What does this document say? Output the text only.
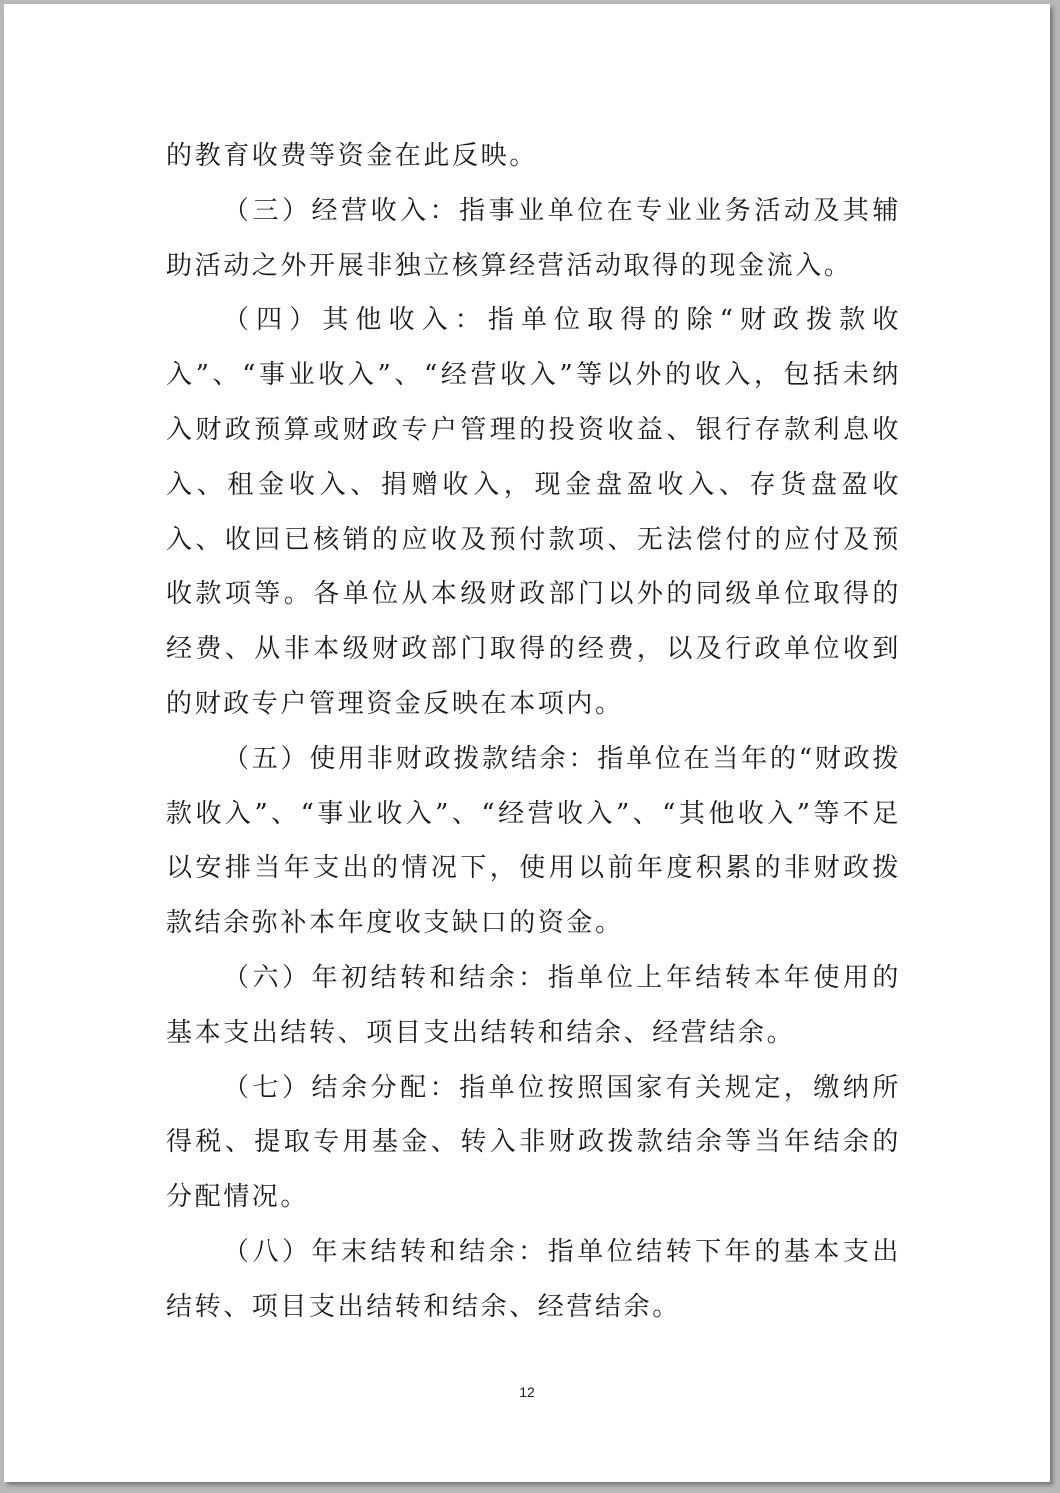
的教育收费等资金在此反映。

（三）经营收入：指事业单位在专业业务活动及其辅助活动之外开展非独立核算经营活动取得的现金流入。

（四）其他收入：指单位取得的除“财政拨款收入”、“事业收入”、“经营收入”等以外的收入，包括未纳入财政预算或财政专户管理的投资收益、银行存款利息收入、租金收入、捐赠收入，现金盘盈收入、存货盘盈收入、收回已核销的应收及预付款项、无法偿付的应付及预收款项等。各单位从本级财政部门以外的同级单位取得的经费、从非本级财政部门取得的经费，以及行政单位收到的财政专户管理资金反映在本项内。

（五）使用非财政拨款结余：指单位在当年的“财政拨款收入”、“事业收入”、“经营收入”、“其他收入”等不足以安排当年支出的情况下，使用以前年度积累的非财政拨款结余弥补本年度收支缺口的资金。

（六）年初结转和结余：指单位上年结转本年使用的基本支出结转、项目支出结转和结余、经营结余。

（七）结余分配：指单位按照国家有关规定，缴纳所得税、提取专用基金、转入非财政拨款结余等当年结余的分配情况。

（八）年末结转和结余：指单位结转下年的基本支出结转、项目支出结转和结余、经营结余。

12
